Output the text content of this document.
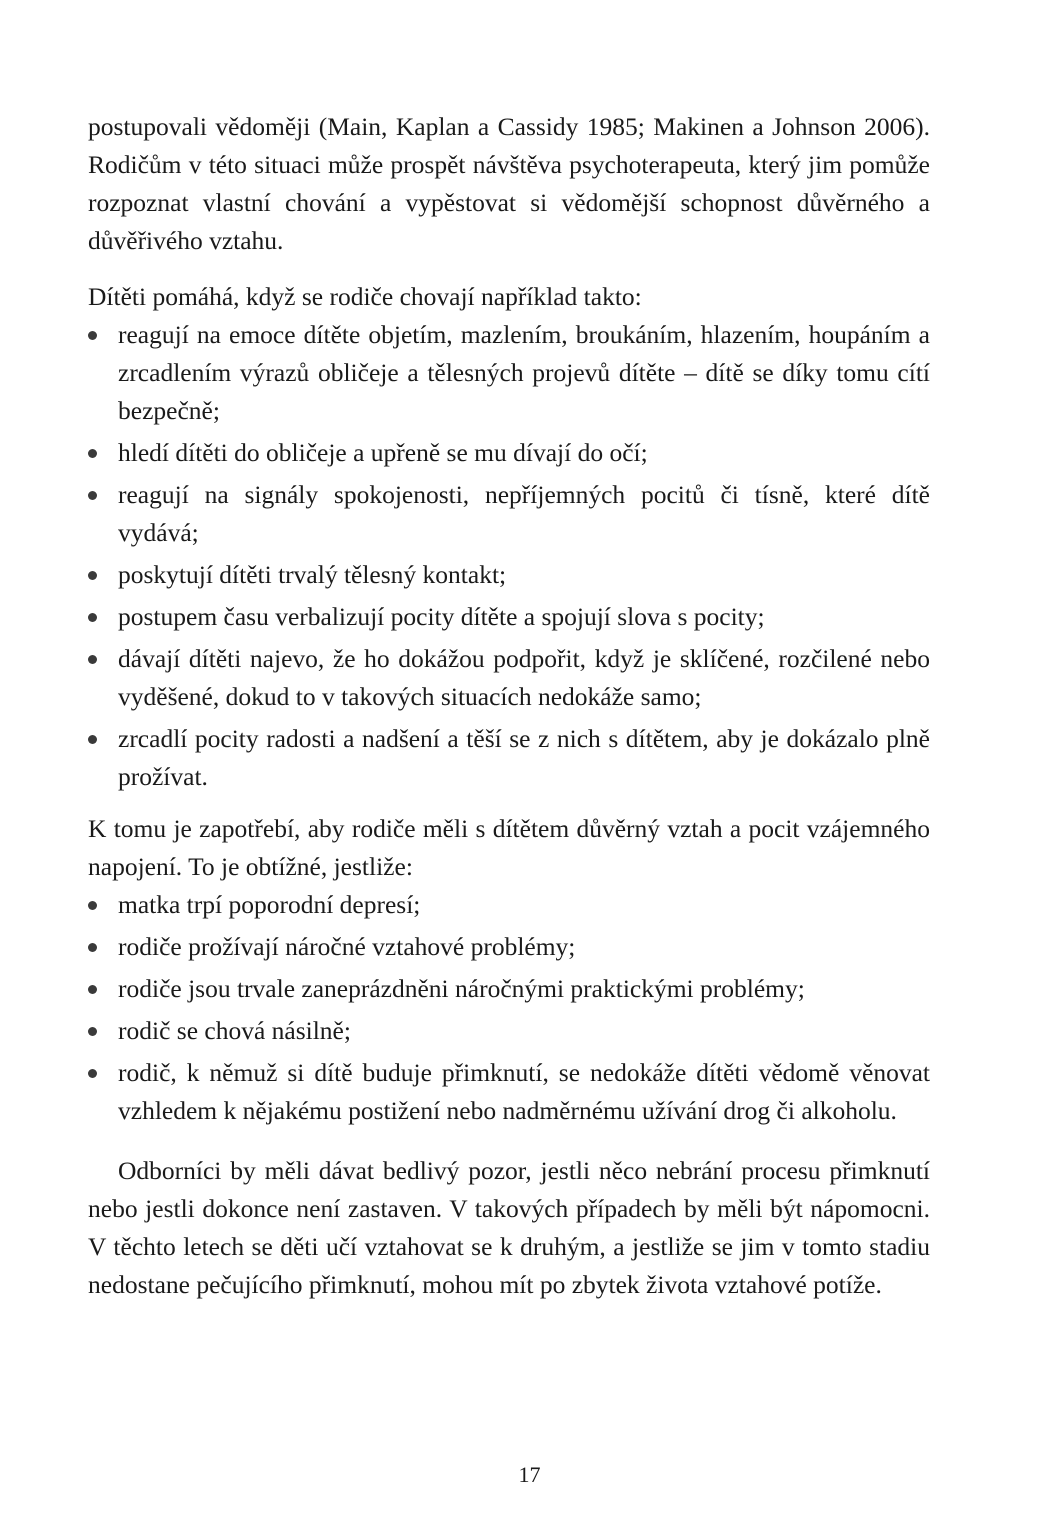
postupovali vědoměji (Main, Kaplan a Cassidy 1985; Makinen a Johnson 2006). Rodičům v této situaci může prospět návštěva psychoterapeuta, který jim pomůže rozpoznat vlastní chování a vypěstovat si vědomější schopnost důvěrného a důvěřivého vztahu.

Dítěti pomáhá, když se rodiče chovají například takto:

reagují na emoce dítěte objetím, mazlením, broukáním, hlazením, houpáním a zrcadlením výrazů obličeje a tělesných projevů dítěte – dítě se díky tomu cítí bezpečně;
hledí dítěti do obličeje a upřeně se mu dívají do očí;
reagují na signály spokojenosti, nepříjemných pocitů či tísně, které dítě vydává;
poskytují dítěti trvalý tělesný kontakt;
postupem času verbalizují pocity dítěte a spojují slova s pocity;
dávají dítěti najevo, že ho dokážou podpořit, když je sklíčené, rozčilené nebo vyděšené, dokud to v takových situacích nedokáže samo;
zrcadlí pocity radosti a nadšení a těší se z nich s dítětem, aby je dokázalo plně prožívat.

K tomu je zapotřebí, aby rodiče měli s dítětem důvěrný vztah a pocit vzájemného napojení. To je obtížné, jestliže:

matka trpí poporodní depresí;
rodiče prožívají náročné vztahové problémy;
rodiče jsou trvale zaneprázdněni náročnými praktickými problémy;
rodič se chová násilně;
rodič, k němuž si dítě buduje přimknutí, se nedokáže dítěti vědomě věnovat vzhledem k nějakému postižení nebo nadměrnému užívání drog či alkoholu.

Odborníci by měli dávat bedlivý pozor, jestli něco nebrání procesu přimknutí nebo jestli dokonce není zastaven. V takových případech by měli být nápomocni. V těchto letech se děti učí vztahovat se k druhým, a jestliže se jim v tomto stadiu nedostane pečujícího přimknutí, mohou mít po zbytek života vztahové potíže.

17
